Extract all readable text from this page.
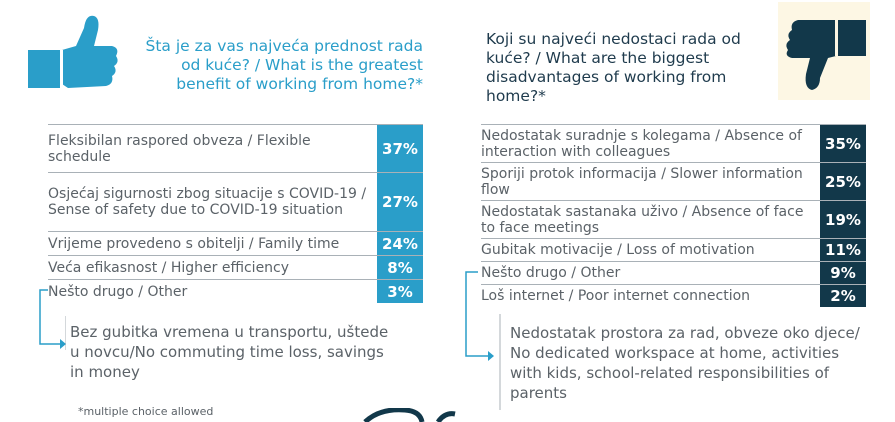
Šta je za vas najveća prednost rada od kuće? / What is the greatest benefit of working from home?*
Koji su najveći nedostaci rada od kuće? / What are the biggest disadvantages of working from home?*
Fleksibilan raspored obveza / Flexible schedule	37%
Osjećaj sigurnosti zbog situacije s COVID-19 / Sense of safety due to COVID-19 situation	27%
Vrijeme provedeno s obitelji / Family time	24%
Veća efikasnost / Higher efficiency	8%
Nešto drugo / Other	3%
Bez gubitka vremena u transportu, uštede u novcu/No commuting time loss, savings in money
*multiple choice allowed
Nedostatak suradnje s kolegama / Absence of interaction with colleagues	35%
Sporiji protok informacija / Slower information flow	25%
Nedostatak sastanaka uživo / Absence of face to face meetings	19%
Gubitak motivacije / Loss of motivation	11%
Nešto drugo / Other	9%
Loš internet / Poor internet connection	2%
Nedostatak prostora za rad, obveze oko djece/ No dedicated workspace at home, activities with kids, school-related responsibilities of parents
